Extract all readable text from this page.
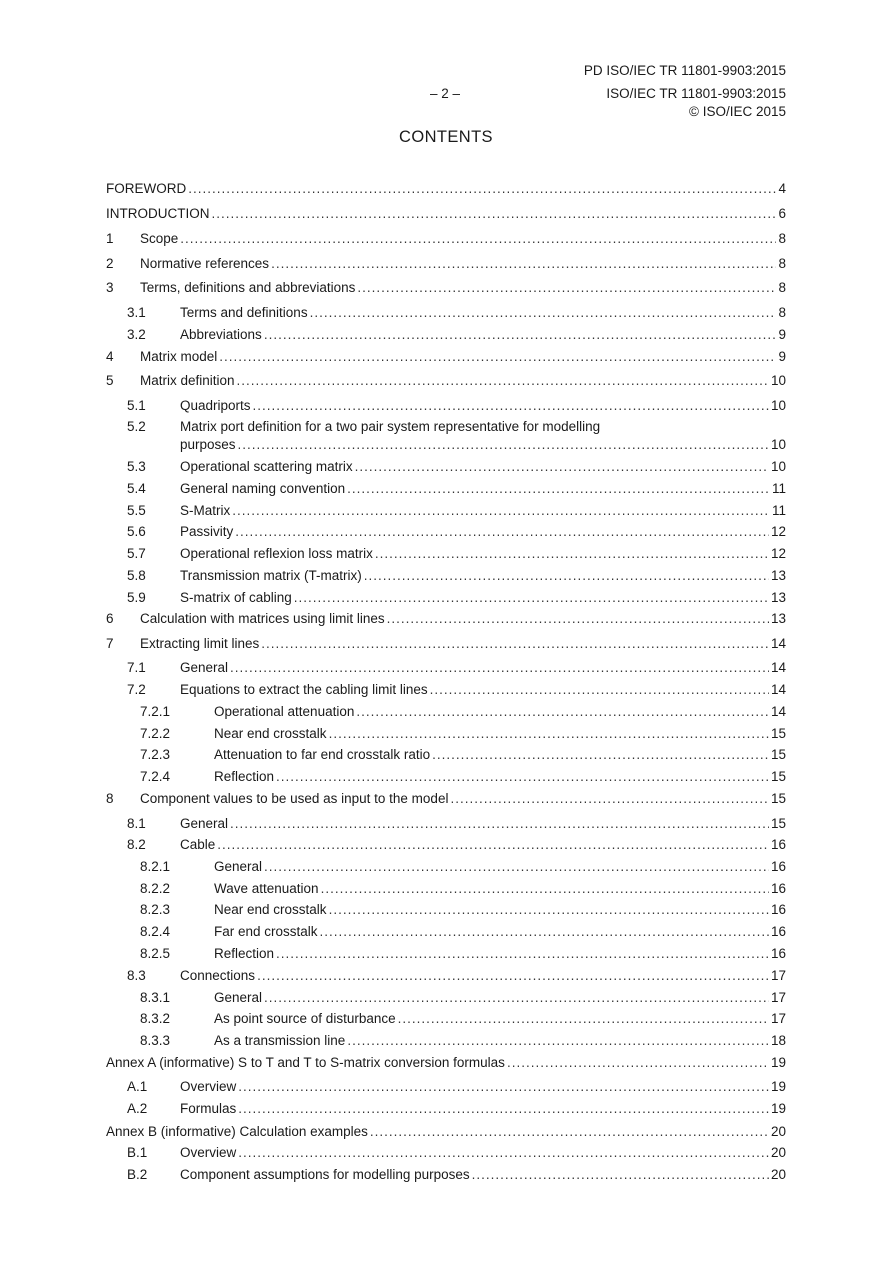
PD ISO/IEC TR 11801-9903:2015
– 2 –	ISO/IEC TR 11801-9903:2015
© ISO/IEC 2015
CONTENTS
FOREWORD .....	4
INTRODUCTION .....	6
1	Scope .....	8
2	Normative references .....	8
3	Terms, definitions and abbreviations .....	8
3.1	Terms and definitions .....	8
3.2	Abbreviations .....	9
4	Matrix model .....	9
5	Matrix definition .....	10
5.1	Quadriports .....	10
5.2	Matrix port definition for a two pair system representative for modelling
purposes .....	10
5.3	Operational scattering matrix .....	10
5.4	General naming convention .....	11
5.5	S-Matrix .....	11
5.6	Passivity .....	12
5.7	Operational reflexion loss matrix .....	12
5.8	Transmission matrix (T-matrix) .....	13
5.9	S-matrix of cabling .....	13
6	Calculation with matrices using limit lines .....	13
7	Extracting limit lines .....	14
7.1	General .....	14
7.2	Equations to extract the cabling limit lines .....	14
7.2.1	Operational attenuation .....	14
7.2.2	Near end crosstalk .....	15
7.2.3	Attenuation to far end crosstalk ratio .....	15
7.2.4	Reflection .....	15
8	Component values to be used as input to the model .....	15
8.1	General .....	15
8.2	Cable .....	16
8.2.1	General .....	16
8.2.2	Wave attenuation .....	16
8.2.3	Near end crosstalk .....	16
8.2.4	Far end crosstalk .....	16
8.2.5	Reflection .....	16
8.3	Connections .....	17
8.3.1	General .....	17
8.3.2	As point source of disturbance .....	17
8.3.3	As a transmission line .....	18
Annex A (informative) S to T and T to S-matrix conversion formulas .....	19
A.1	Overview .....	19
A.2	Formulas .....	19
Annex B (informative) Calculation examples .....	20
B.1	Overview .....	20
B.2	Component assumptions for modelling purposes .....	20
